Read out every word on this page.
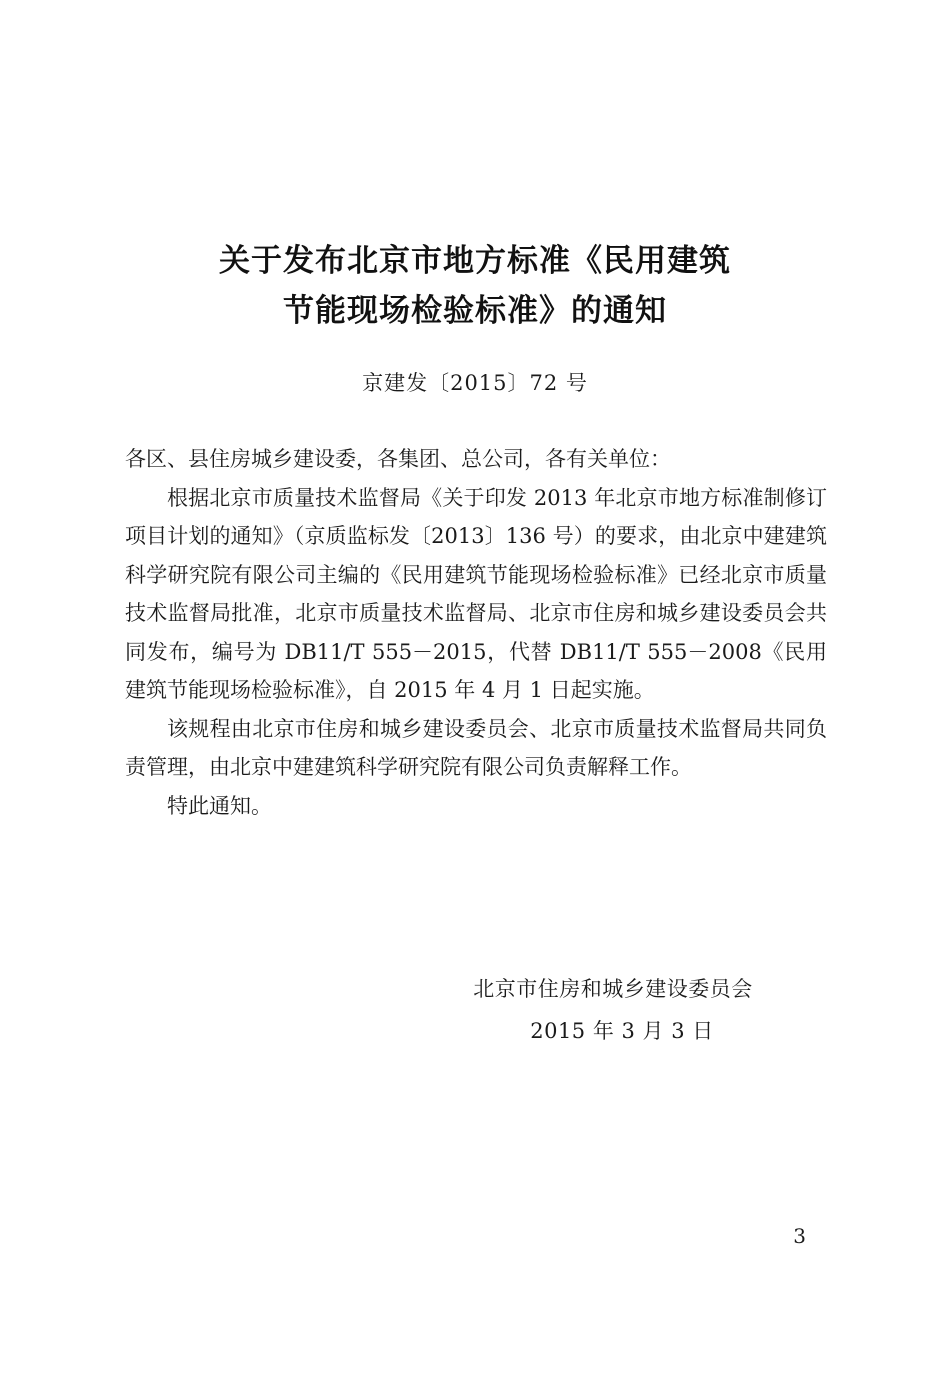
关于发布北京市地方标准《民用建筑
节能现场检验标准》的通知
京建发〔2015〕72 号

各区、县住房城乡建设委，各集团、总公司，各有关单位：

根据北京市质量技术监督局《关于印发 2013 年北京市地方标准制修订项目计划的通知》（京质监标发〔2013〕136 号）的要求，由北京中建建筑科学研究院有限公司主编的《民用建筑节能现场检验标准》已经北京市质量技术监督局批准，北京市质量技术监督局、北京市住房和城乡建设委员会共同发布，编号为 DB11/T 555－2015，代替 DB11/T 555－2008《民用建筑节能现场检验标准》，自 2015 年 4 月 1 日起实施。

该规程由北京市住房和城乡建设委员会、北京市质量技术监督局共同负责管理，由北京中建建筑科学研究院有限公司负责解释工作。

特此通知。

北京市住房和城乡建设委员会
2015 年 3 月 3 日
3
